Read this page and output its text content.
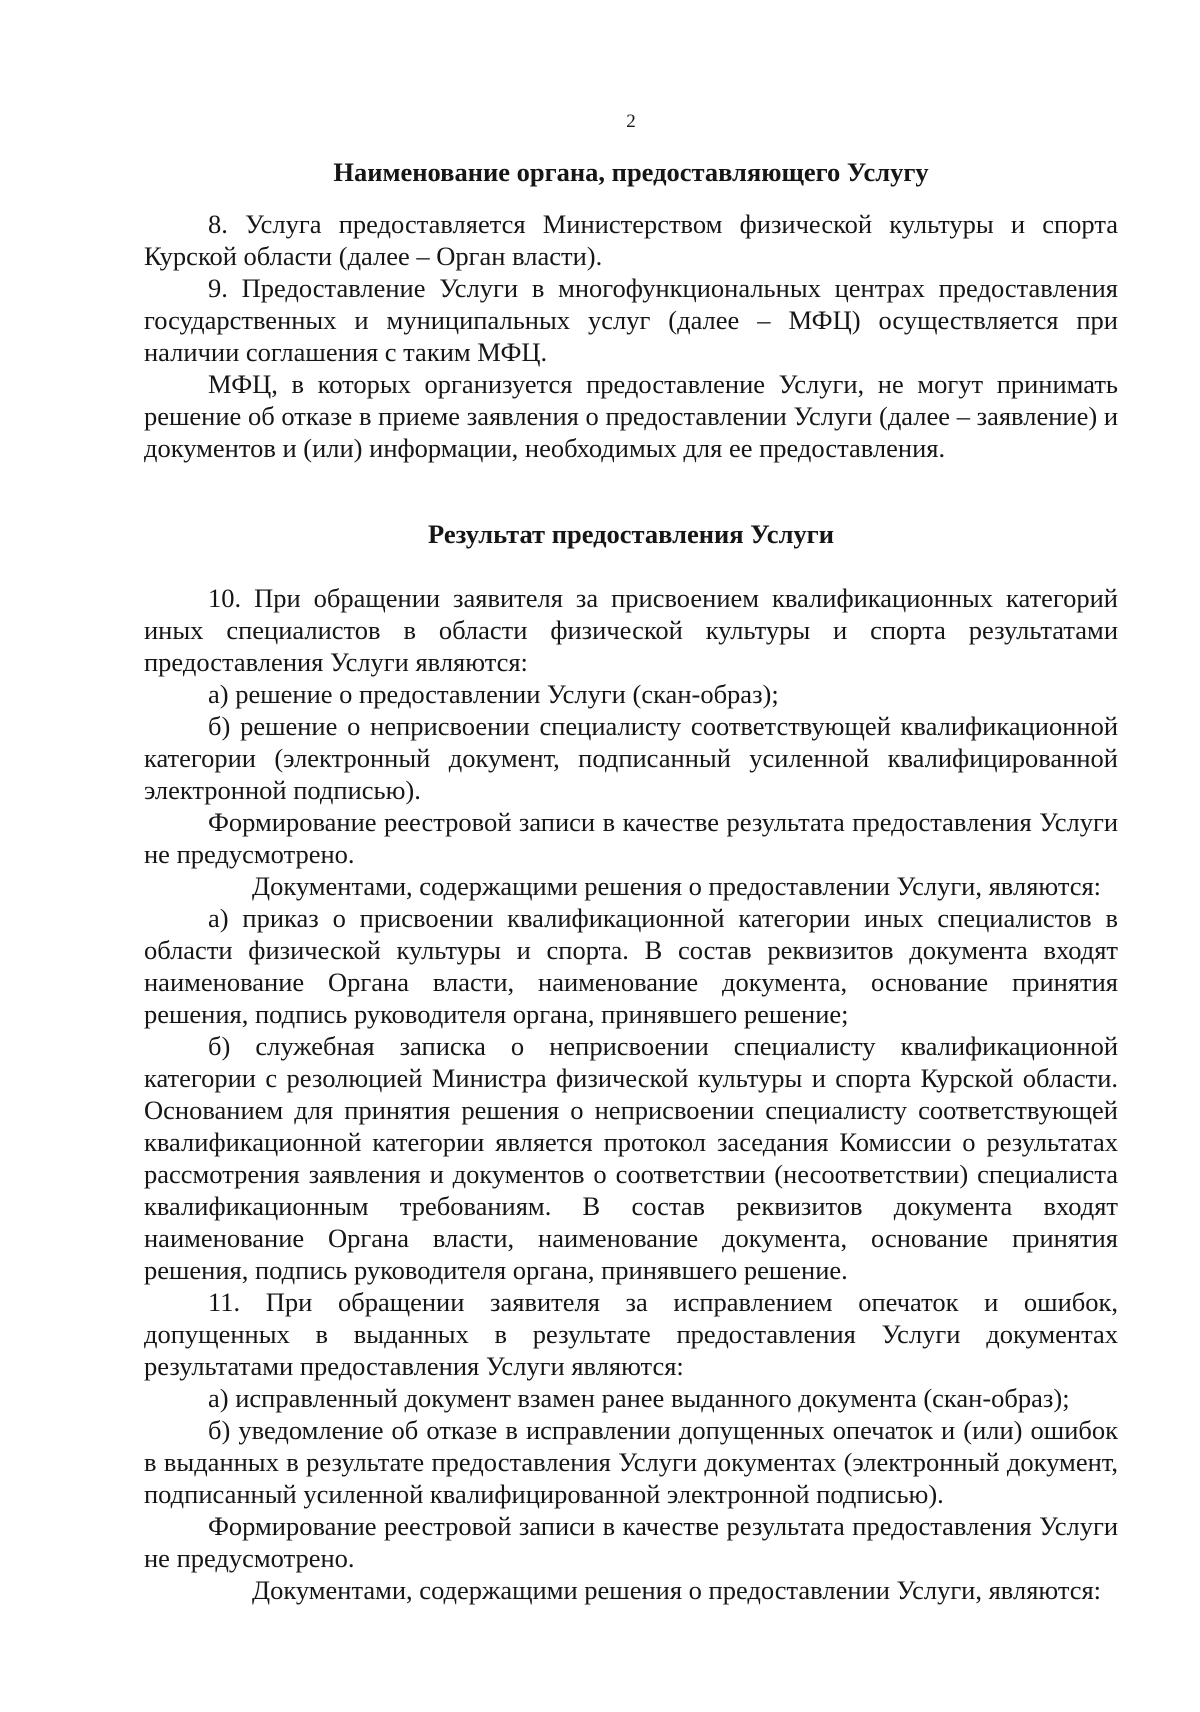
2
Наименование органа, предоставляющего Услугу

8. Услуга предоставляется Министерством физической культуры и спорта Курской области (далее – Орган власти).

9. Предоставление Услуги в многофункциональных центрах предоставления государственных и муниципальных услуг (далее – МФЦ) осуществляется при наличии соглашения с таким МФЦ.

МФЦ, в которых организуется предоставление Услуги, не могут принимать решение об отказе в приеме заявления о предоставлении Услуги (далее – заявление) и документов и (или) информации, необходимых для ее предоставления.

Результат предоставления Услуги

10. При обращении заявителя за присвоением квалификационных категорий иных специалистов в области физической культуры и спорта результатами предоставления Услуги являются:

а) решение о предоставлении Услуги (скан-образ);

б) решение о неприсвоении специалисту соответствующей квалификационной категории (электронный документ, подписанный усиленной квалифицированной электронной подписью).

Формирование реестровой записи в качестве результата предоставления Услуги не предусмотрено.

Документами, содержащими решения о предоставлении Услуги, являются:

а) приказ о присвоении квалификационной категории иных специалистов в области физической культуры и спорта. В состав реквизитов документа входят наименование Органа власти, наименование документа, основание принятия решения, подпись руководителя органа, принявшего решение;

б) служебная записка о неприсвоении специалисту квалификационной категории с резолюцией Министра физической культуры и спорта Курской области. Основанием для принятия решения о неприсвоении специалисту соответствующей квалификационной категории является протокол заседания Комиссии о результатах рассмотрения заявления и документов о соответствии (несоответствии) специалиста квалификационным требованиям. В состав реквизитов документа входят наименование Органа власти, наименование документа, основание принятия решения, подпись руководителя органа, принявшего решение.

11. При обращении заявителя за исправлением опечаток и ошибок, допущенных в выданных в результате предоставления Услуги документах результатами предоставления Услуги являются:

а) исправленный документ взамен ранее выданного документа (скан-образ);

б) уведомление об отказе в исправлении допущенных опечаток и (или) ошибок в выданных в результате предоставления Услуги документах (электронный документ, подписанный усиленной квалифицированной электронной подписью).

Формирование реестровой записи в качестве результата предоставления Услуги не предусмотрено.

Документами, содержащими решения о предоставлении Услуги, являются:
